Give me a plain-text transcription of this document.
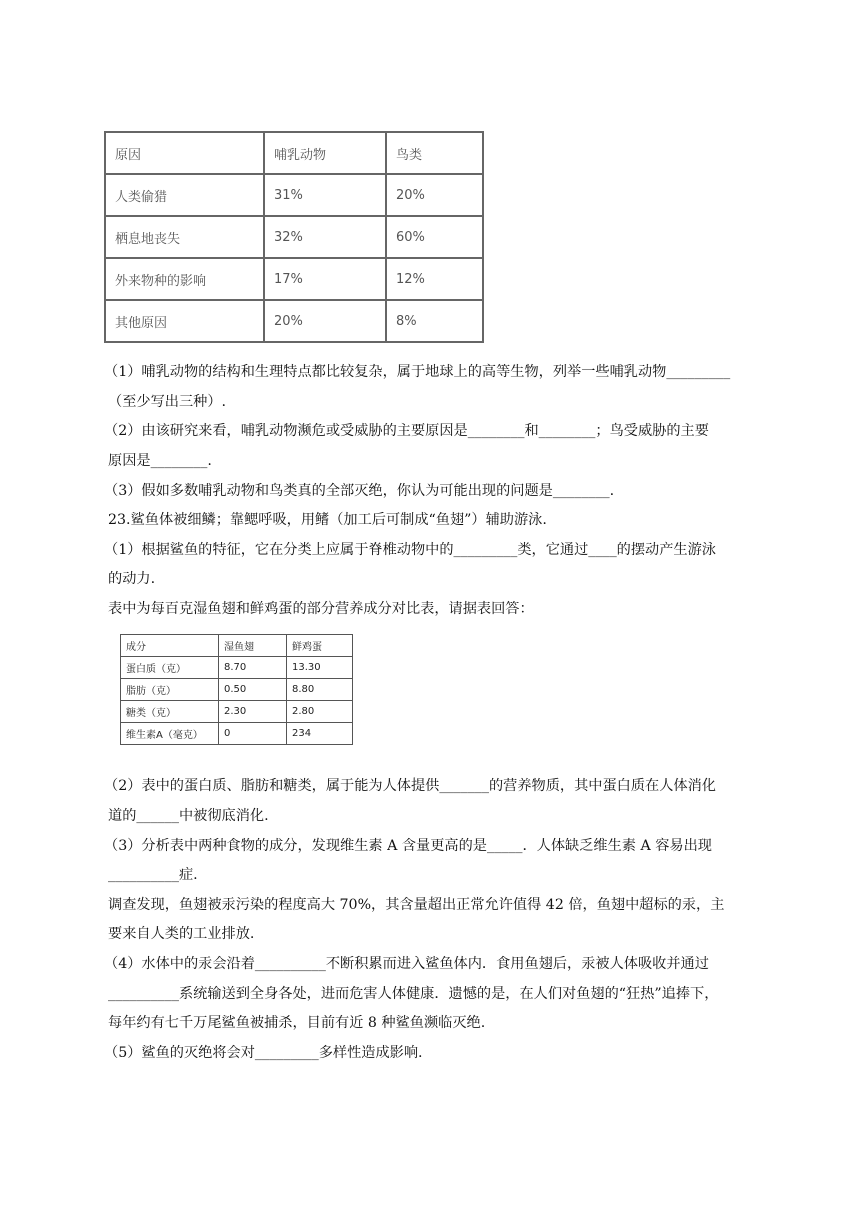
原因	哺乳动物	鸟类
人类偷猎	31%	20%
栖息地丧失	32%	60%
外来物种的影响	17%	12%
其他原因	20%	8%
（1）哺乳动物的结构和生理特点都比较复杂，属于地球上的高等生物，列举一些哺乳动物_________
（至少写出三种）.
（2）由该研究来看，哺乳动物濒危或受威胁的主要原因是________和________；鸟受威胁的主要
原因是________.
（3）假如多数哺乳动物和鸟类真的全部灭绝，你认为可能出现的问题是________.
23.鲨鱼体被细鳞；靠鳃呼吸，用鳍（加工后可制成“鱼翅”）辅助游泳.
（1）根据鲨鱼的特征，它在分类上应属于脊椎动物中的_________类，它通过____的摆动产生游泳
的动力.
表中为每百克湿鱼翅和鲜鸡蛋的部分营养成分对比表，请据表回答：
成分	湿鱼翅	鲜鸡蛋
蛋白质（克）	8.70	13.30
脂肪（克）	0.50	8.80
糖类（克）	2.30	2.80
维生素A（毫克）	0	234
（2）表中的蛋白质、脂肪和糖类，属于能为人体提供_______的营养物质，其中蛋白质在人体消化
道的______中被彻底消化.
（3）分析表中两种食物的成分，发现维生素 A 含量更高的是_____．人体缺乏维生素 A 容易出现
__________症.
调查发现，鱼翅被汞污染的程度高大 70%，其含量超出正常允许值得 42 倍，鱼翅中超标的汞，主
要来自人类的工业排放.
（4）水体中的汞会沿着__________不断积累而进入鲨鱼体内．食用鱼翅后，汞被人体吸收并通过
__________系统输送到全身各处，进而危害人体健康．遗憾的是，在人们对鱼翅的“狂热”追捧下，
每年约有七千万尾鲨鱼被捕杀，目前有近 8 种鲨鱼濒临灭绝.
（5）鲨鱼的灭绝将会对_________多样性造成影响.
